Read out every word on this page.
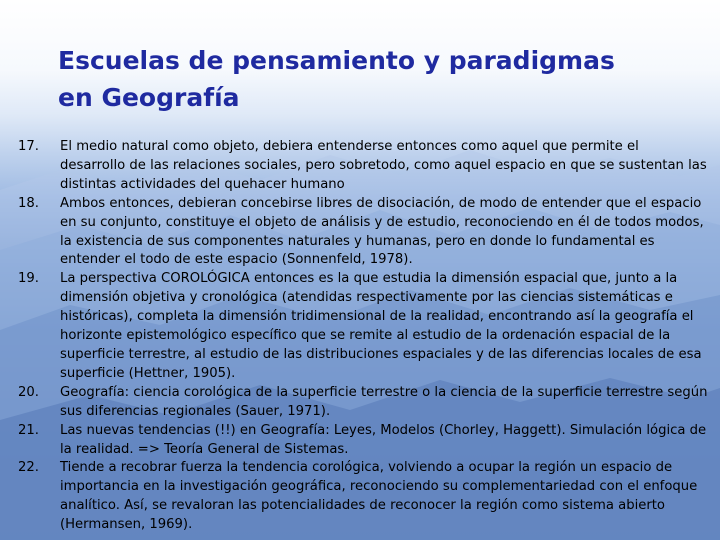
Escuelas de pensamiento y paradigmas
en Geografía
17.	El medio natural como objeto, debiera entenderse entonces como aquel que permite el desarrollo de las relaciones sociales, pero sobretodo, como aquel espacio en que se sustentan las distintas actividades del quehacer humano
18.	Ambos entonces, debieran concebirse libres de disociación, de modo de entender que el espacio en su conjunto, constituye el objeto de análisis y de estudio, reconociendo en él de todos modos, la existencia de sus componentes naturales y humanas, pero en donde lo fundamental es entender el todo de este espacio (Sonnenfeld, 1978).
19.	La perspectiva COROLÓGICA entonces es la que estudia la dimensión espacial que, junto a la dimensión objetiva y cronológica (atendidas respectivamente por las ciencias sistemáticas e históricas), completa la dimensión tridimensional de la realidad, encontrando así la geografía el horizonte epistemológico específico que se remite al estudio de la ordenación espacial de la superficie terrestre, al estudio de las distribuciones espaciales y de las diferencias locales de esa superficie (Hettner, 1905).
20.	Geografía: ciencia corológica de la superficie terrestre o la ciencia de la superficie terrestre según sus diferencias regionales (Sauer, 1971).
21.	Las nuevas tendencias (!!) en Geografía: Leyes, Modelos (Chorley, Haggett). Simulación lógica de la realidad. => Teoría General de Sistemas.
22.	Tiende a recobrar fuerza la tendencia corológica, volviendo a ocupar la región un espacio de importancia en la investigación geográfica, reconociendo su complementariedad con el enfoque analítico. Así, se revaloran las potencialidades de reconocer la región como sistema abierto (Hermansen, 1969).
